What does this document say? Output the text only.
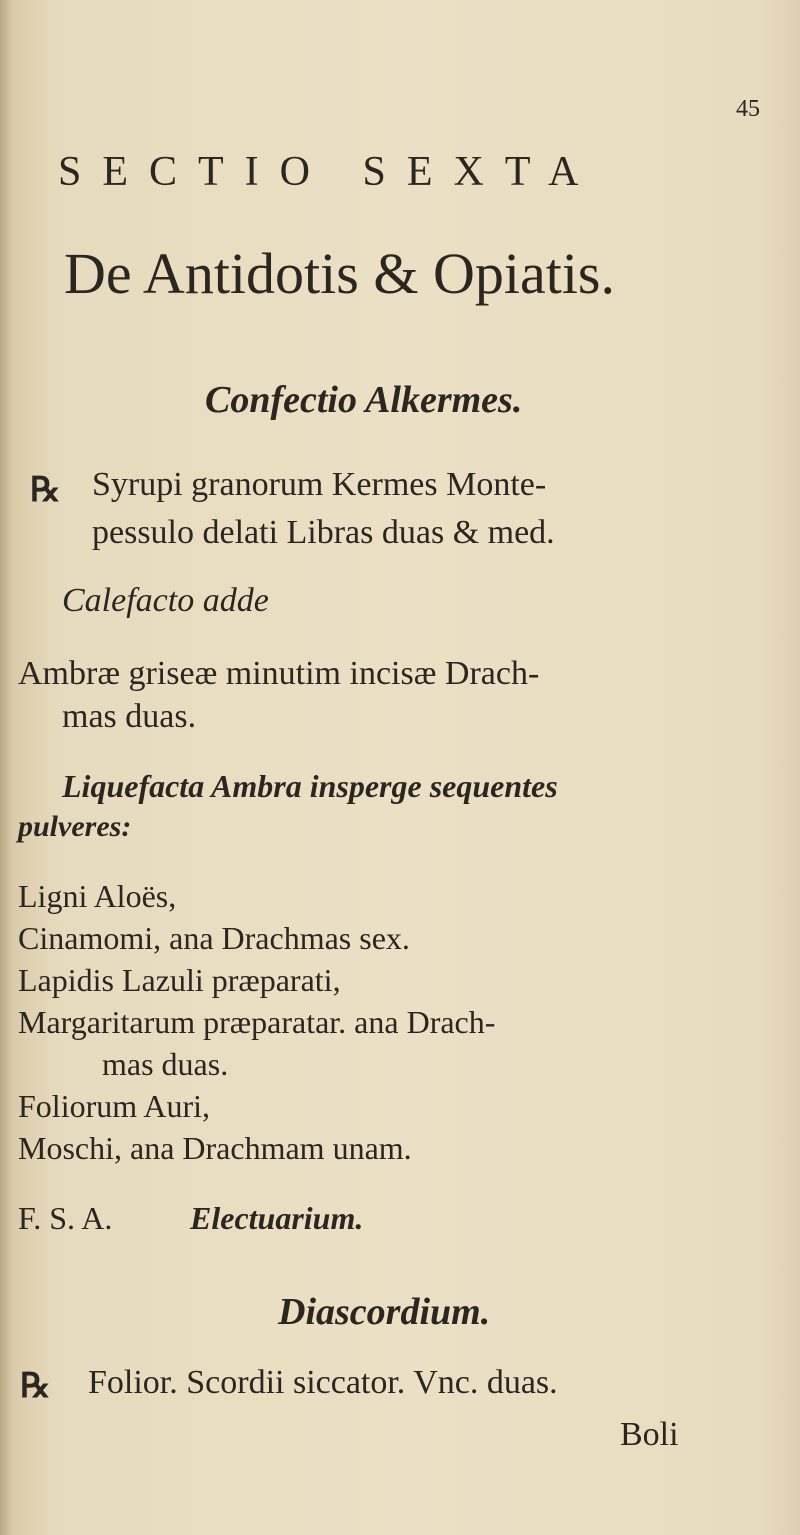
45
SECTIO SEXTA
De Antidotis & Opiatis.
Confectio Alkermes.
℞ Syrupi granorum Kermes Monte-
pessulo delati Libras duas & med.
Calefacto adde
Ambræ griseæ minutim incisæ Drach-
mas duas.
Liquefacta Ambra insperge sequentes
pulveres:
Ligni Aloës,
Cinamomi, ana Drachmas sex.
Lapidis Lazuli præparati,
Margaritarum præparatar. ana Drach-
mas duas.
Foliorum Auri,
Moschi, ana Drachmam unam.
F. S. A. Electuarium.
Diascordium.
℞ Folior. Scordii siccator. Vnc. duas.
Boli
